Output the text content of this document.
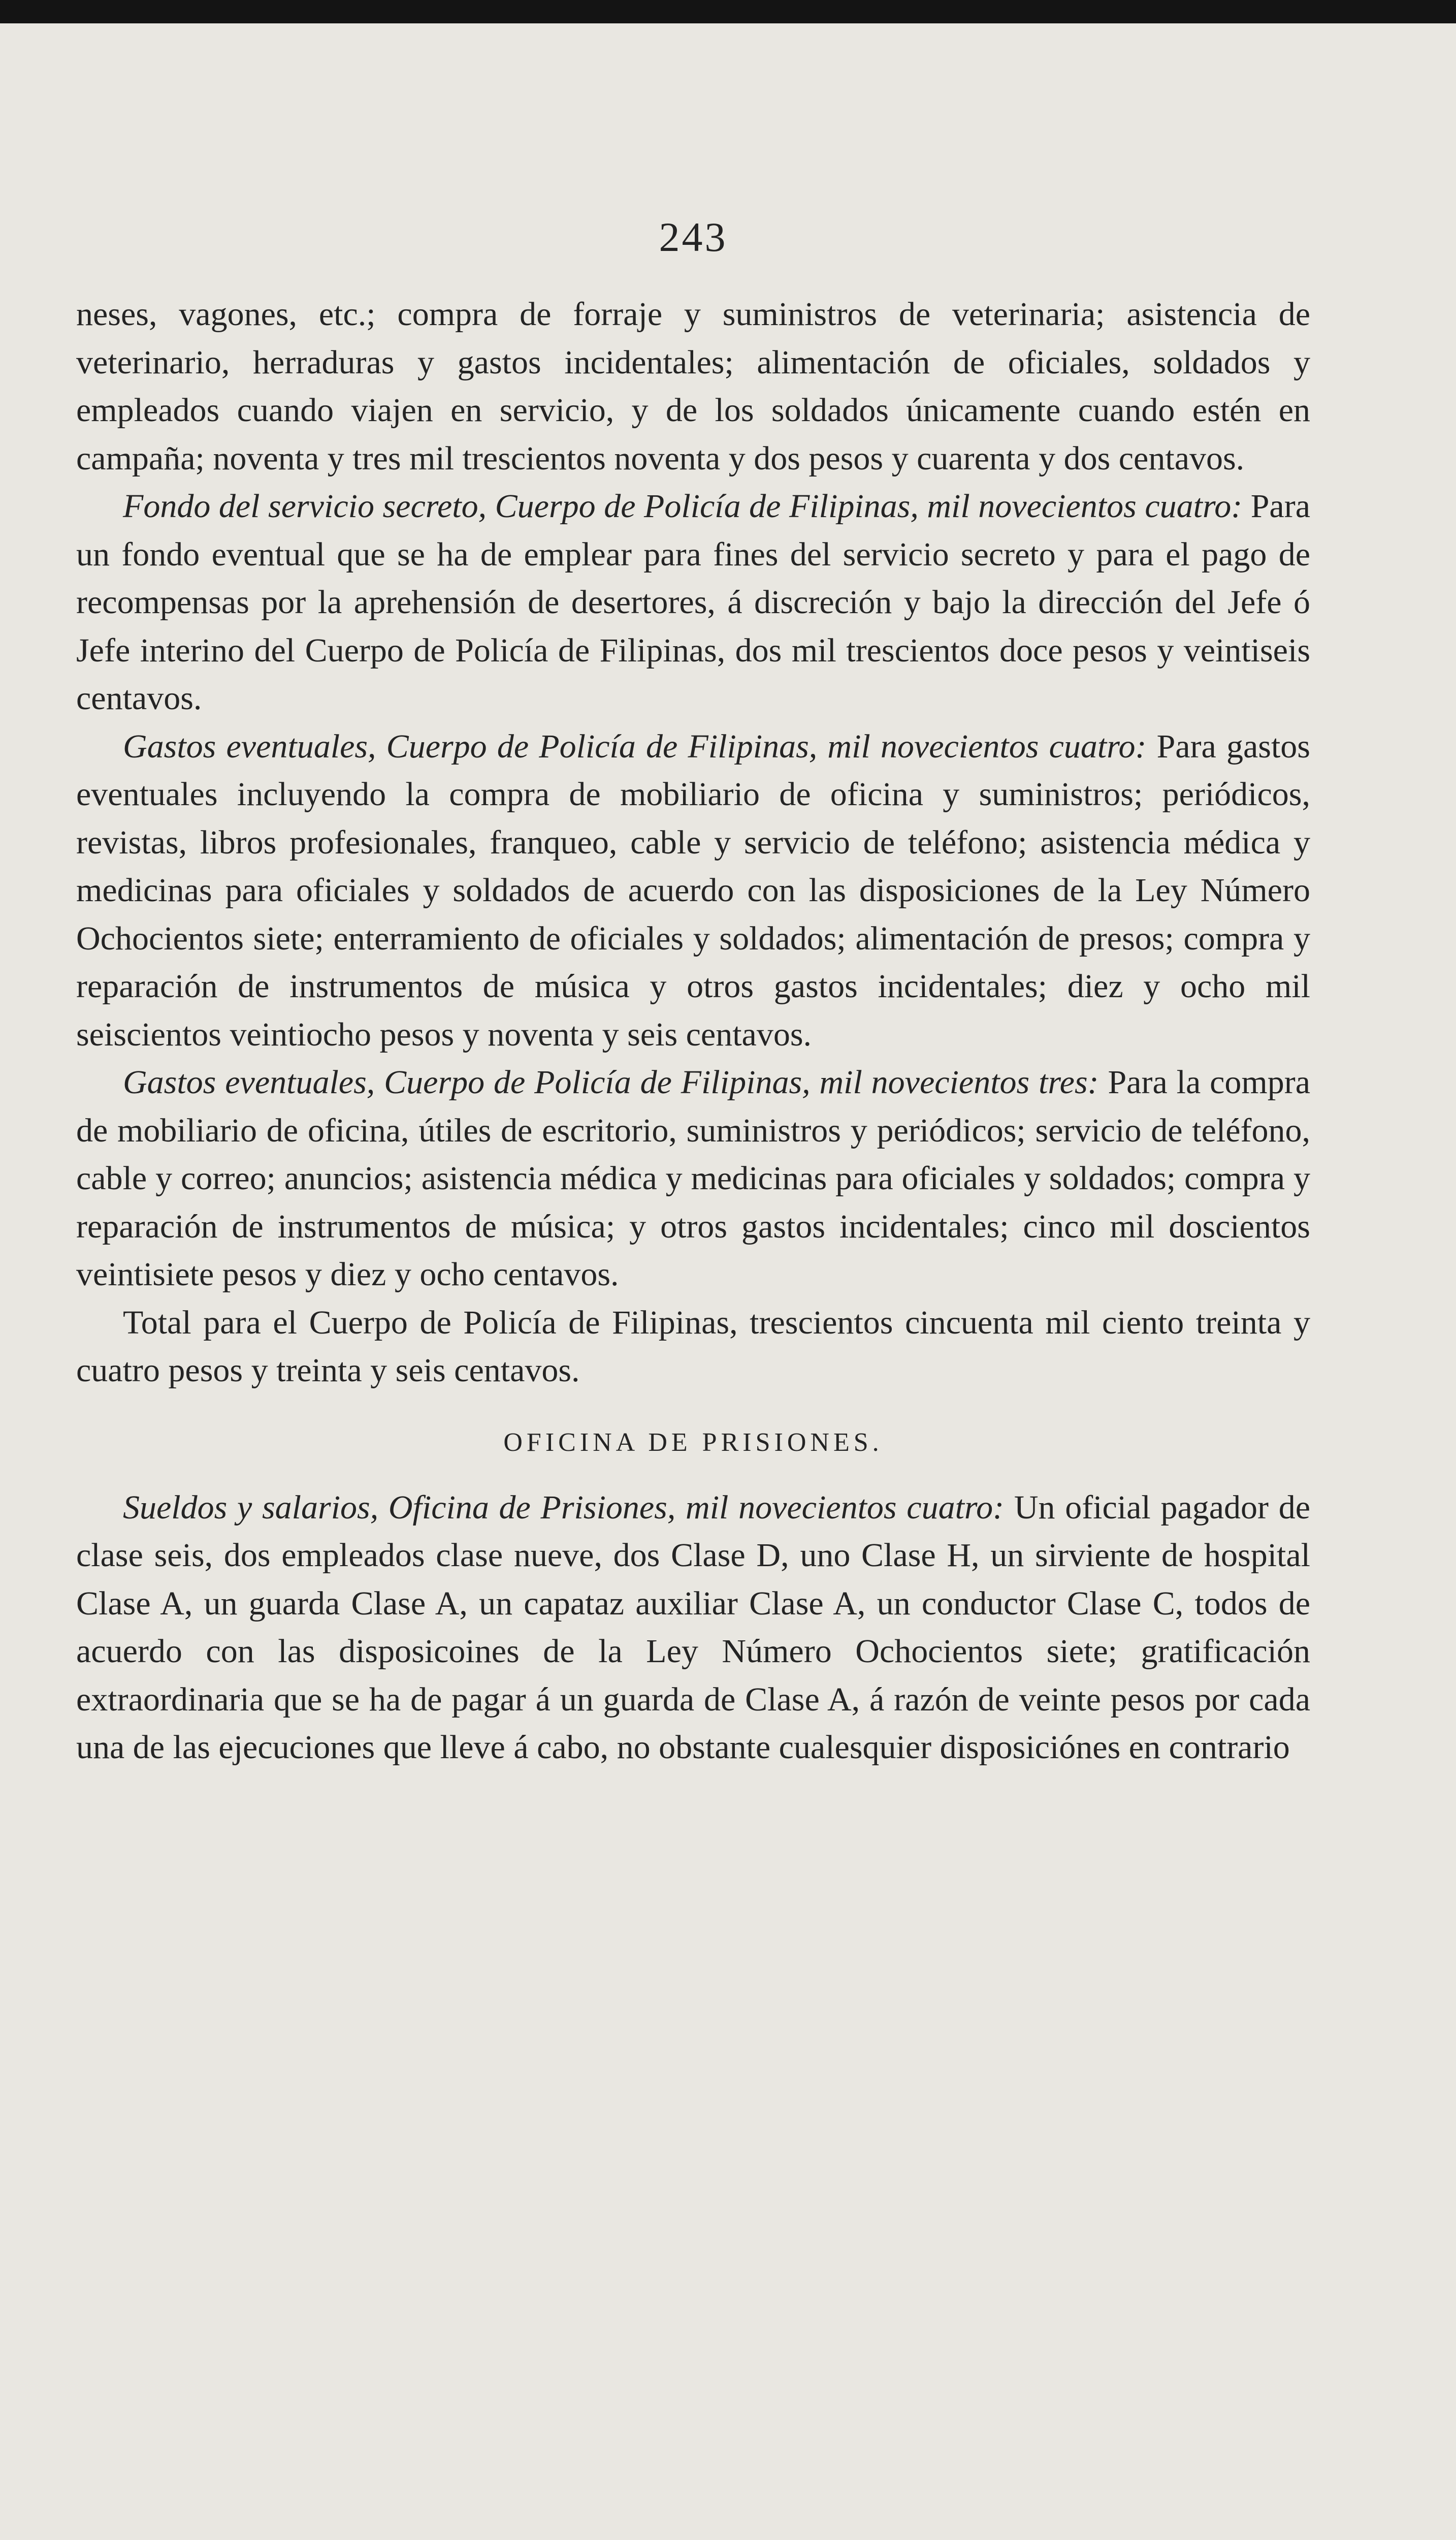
243

neses, vagones, etc.; compra de forraje y suministros de veterinaria; asistencia de veterinario, herraduras y gastos incidentales; alimentación de oficiales, soldados y empleados cuando viajen en servicio, y de los soldados únicamente cuando estén en campaña; noventa y tres mil trescientos noventa y dos pesos y cuarenta y dos centavos.

Fondo del servicio secreto, Cuerpo de Policía de Filipinas, mil novecientos cuatro: Para un fondo eventual que se ha de emplear para fines del servicio secreto y para el pago de recompensas por la aprehensión de desertores, á discreción y bajo la dirección del Jefe ó Jefe interino del Cuerpo de Policía de Filipinas, dos mil trescientos doce pesos y veintiseis centavos.

Gastos eventuales, Cuerpo de Policía de Filipinas, mil novecientos cuatro: Para gastos eventuales incluyendo la compra de mobiliario de oficina y suministros; periódicos, revistas, libros profesionales, franqueo, cable y servicio de teléfono; asistencia médica y medicinas para oficiales y soldados de acuerdo con las disposiciones de la Ley Número Ochocientos siete; enterramiento de oficiales y soldados; alimentación de presos; compra y reparación de instrumentos de música y otros gastos incidentales; diez y ocho mil seiscientos veintiocho pesos y noventa y seis centavos.

Gastos eventuales, Cuerpo de Policía de Filipinas, mil novecientos tres: Para la compra de mobiliario de oficina, útiles de escritorio, suministros y periódicos; servicio de teléfono, cable y correo; anuncios; asistencia médica y medicinas para oficiales y soldados; compra y reparación de instrumentos de música; y otros gastos incidentales; cinco mil doscientos veintisiete pesos y diez y ocho centavos.

Total para el Cuerpo de Policía de Filipinas, trescientos cincuenta mil ciento treinta y cuatro pesos y treinta y seis centavos.

OFICINA DE PRISIONES.

Sueldos y salarios, Oficina de Prisiones, mil novecientos cuatro: Un oficial pagador de clase seis, dos empleados clase nueve, dos Clase D, uno Clase H, un sirviente de hospital Clase A, un guarda Clase A, un capataz auxiliar Clase A, un conductor Clase C, todos de acuerdo con las disposicoines de la Ley Número Ochocientos siete; gratificación extraordinaria que se ha de pagar á un guarda de Clase A, á razón de veinte pesos por cada una de las ejecuciones que lleve á cabo, no obstante cualesquier disposiciónes en contrario
